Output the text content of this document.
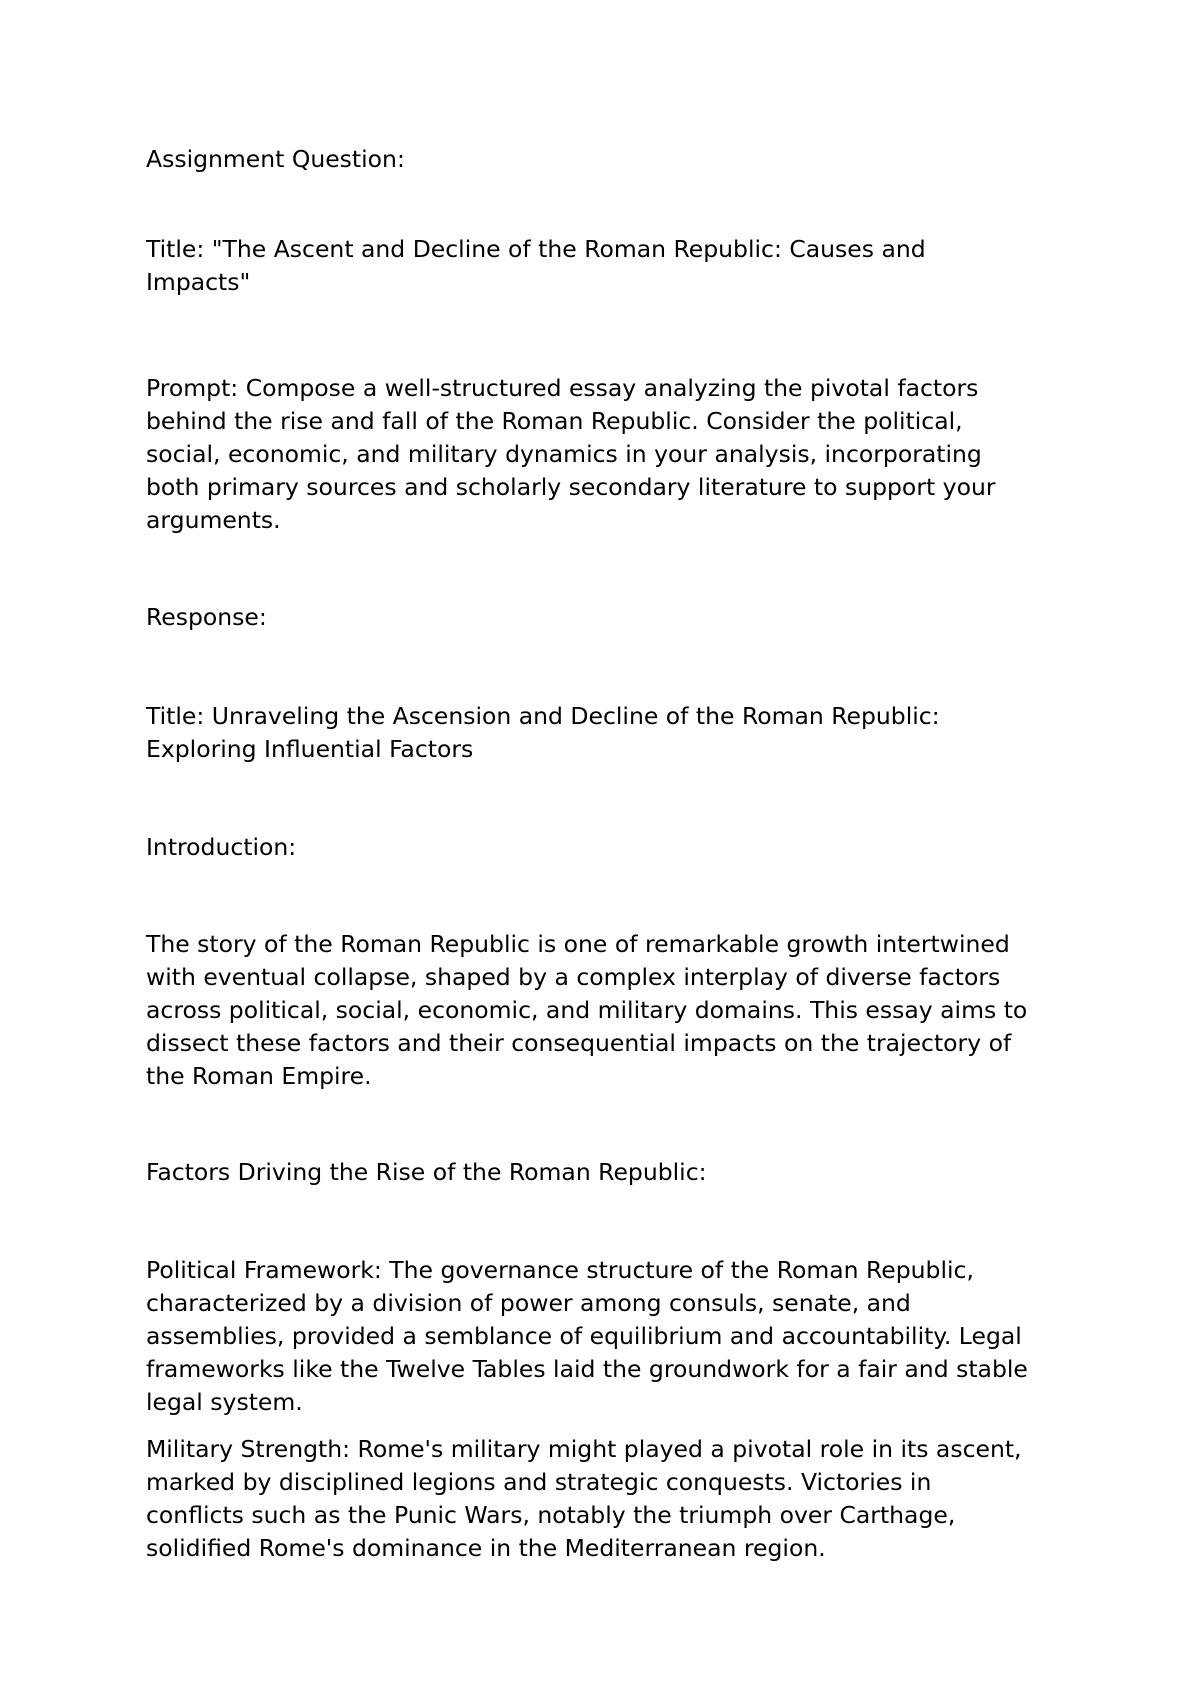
Assignment Question:

Title: "The Ascent and Decline of the Roman Republic: Causes and

Impacts"

Prompt: Compose a well-structured essay analyzing the pivotal factors

behind the rise and fall of the Roman Republic. Consider the political,

social, economic, and military dynamics in your analysis, incorporating

both primary sources and scholarly secondary literature to support your

arguments.

Response:

Title: Unraveling the Ascension and Decline of the Roman Republic:

Exploring Influential Factors

Introduction:

The story of the Roman Republic is one of remarkable growth intertwined

with eventual collapse, shaped by a complex interplay of diverse factors

across political, social, economic, and military domains. This essay aims to

dissect these factors and their consequential impacts on the trajectory of

the Roman Empire.

Factors Driving the Rise of the Roman Republic:

Political Framework: The governance structure of the Roman Republic,

characterized by a division of power among consuls, senate, and

assemblies, provided a semblance of equilibrium and accountability. Legal

frameworks like the Twelve Tables laid the groundwork for a fair and stable

legal system.

Military Strength: Rome's military might played a pivotal role in its ascent,

marked by disciplined legions and strategic conquests. Victories in

conflicts such as the Punic Wars, notably the triumph over Carthage,

solidified Rome's dominance in the Mediterranean region.
